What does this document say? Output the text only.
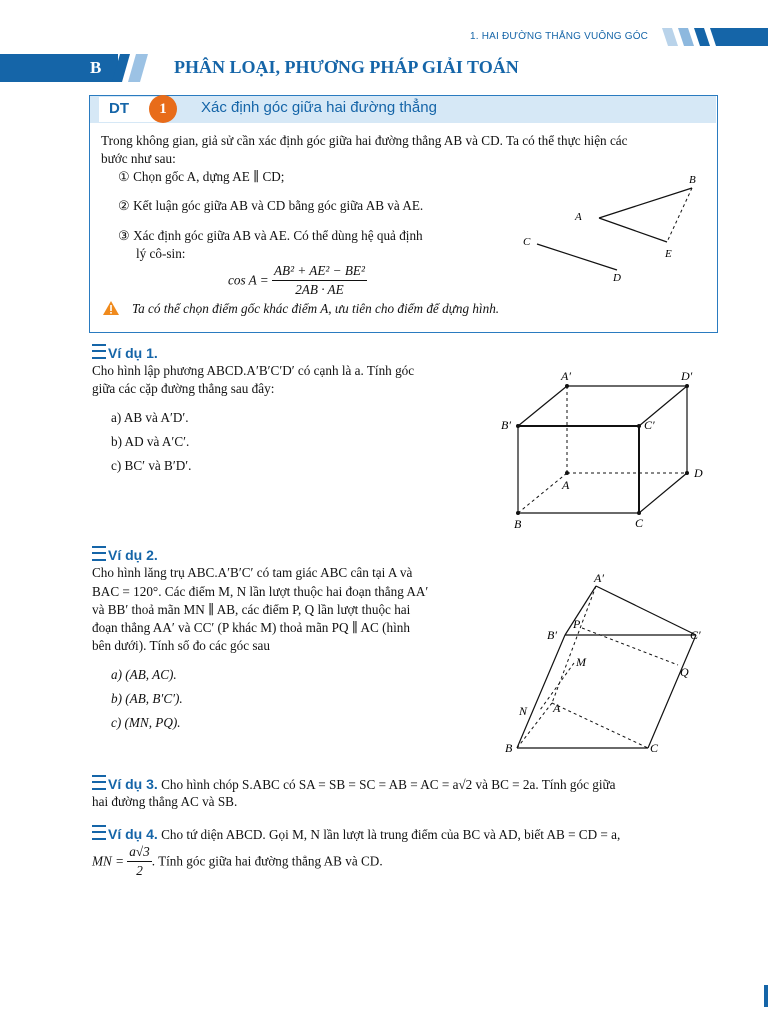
1. HAI ĐƯỜNG THẲNG VUÔNG GÓC
B	PHÂN LOẠI, PHƯƠNG PHÁP GIẢI TOÁN
DT	1	Xác định góc giữa hai đường thẳng
Trong không gian, giả sử cần xác định góc giữa hai đường thẳng AB và CD. Ta có thể thực hiện các
bước như sau:
① Chọn gốc A, dựng AE ∥ CD;
② Kết luận góc giữa AB và CD bằng góc giữa AB và AE.
③ Xác định góc giữa AB và AE. Có thể dùng hệ quả định
lý cô-sin:
$\cos A = \frac{\text{AB² + AE² − BE²}}{2AB \cdot AE}$
Ta có thể chọn điểm gốc khác điểm A, ưu tiên cho điểm để dựng hình.
B
A
C
E
D
Ví dụ 1.
Cho hình lập phương ABCD.A′B′C′D′ có cạnh là a. Tính góc
giữa các cặp đường thẳng sau đây:
a) AB và A′D′.
b) AD và A′C′.
c) BC′ và B′D′.
A′	D′
B′	C′
A
D
B	C
Ví dụ 2.
Cho hình lăng trụ ABC.A′B′C′ có tam giác ABC cân tại A và
BAC = 120°. Các điểm M, N lần lượt thuộc hai đoạn thẳng AA′
và BB′ thoả mãn MN ∥ AB, các điểm P, Q lần lượt thuộc hai
đoạn thẳng AA′ và CC′ (P khác M) thoả mãn PQ ∥ AC (hình
bên dưới). Tính số đo các góc sau
a) (AB, AC).
b) (AB, B′C′).
c) (MN, PQ).
A′
B′
P
C′
M
Q
N A
B	C
Ví dụ 3. Cho hình chóp S.ABC có SA = SB = SC = AB = AC = a√2 và BC = 2a. Tính góc giữa
hai đường thẳng AC và SB.
Ví dụ 4. Cho tứ diện ABCD. Gọi M, N lần lượt là trung điểm của BC và AD, biết AB = CD = a,
MN = $\frac{a√3}{2}$ . Tính góc giữa hai đường thẳng AB và CD.
